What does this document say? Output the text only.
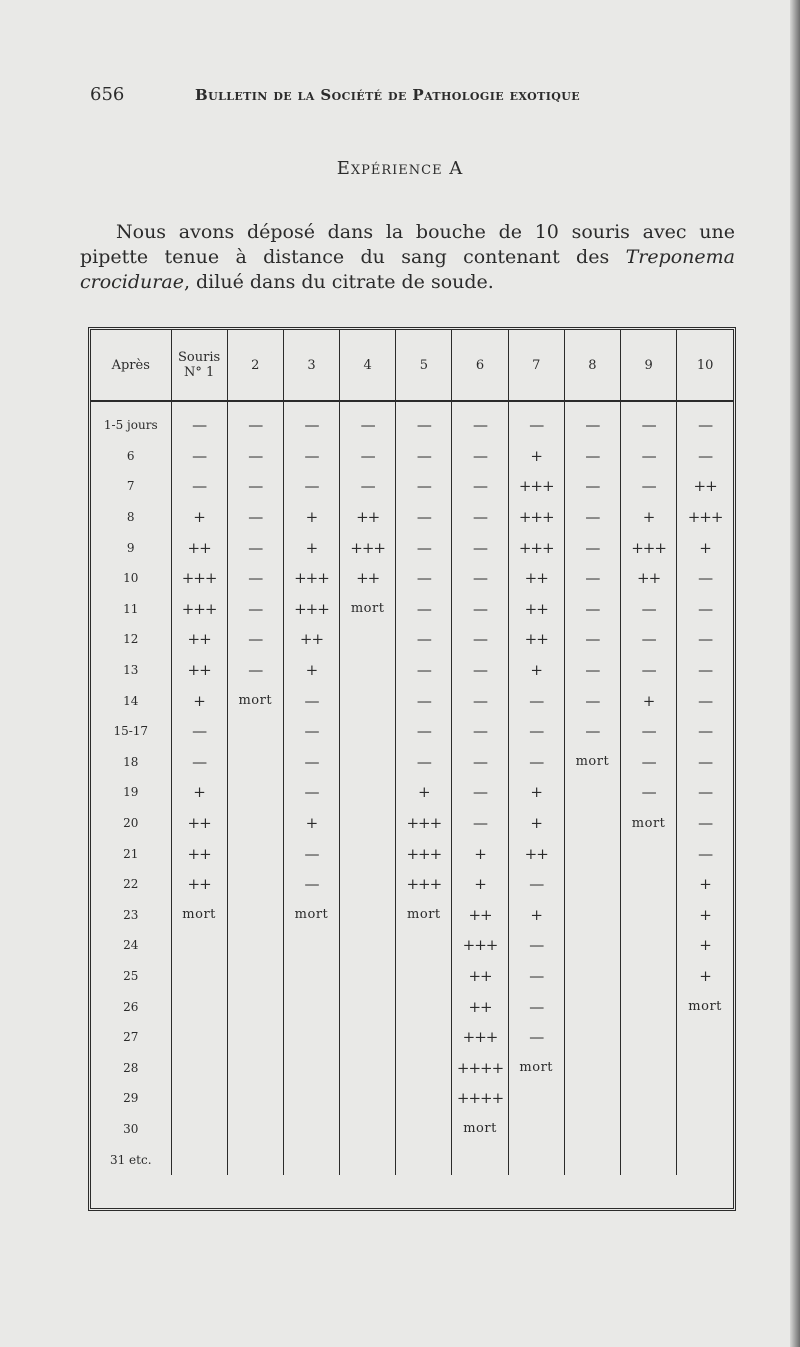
656	Bulletin de la Société de Pathologie exotique
Expérience A

Nous avons déposé dans la bouche de 10 souris avec une pipette tenue à distance du sang contenant des Treponema crocidurae, dilué dans du citrate de soude.

Après	Souris N° 1	2	3	4	5	6	7	8	9	10
1-5 jours	—	—	—	—	—	—	—	—	—	—
6	—	—	—	—	—	—	+	—	—	—
7	—	—	—	—	—	—	+++	—	—	++
8	+	—	+	++	—	—	+++	—	+	+++
9	++	—	+	+++	—	—	+++	—	+++	+
10	+++	—	+++	++	—	—	++	—	++	—
11	+++	—	+++	mort	—	—	++	—	—	—
12	++	—	++		—	—	++	—	—	—
13	++	—	+		—	—	+	—	—	—
14	+	mort	—		—	—	—	—	+	—
15-17	—		—		—	—	—	—	—	—
18	—		—		—	—	—	mort	—	—
19	+		—		+	—	+		—	—
20	++		+		+++	—	+		mort	—
21	++		—		+++	+	++			—
22	++		—		+++	+	—			+
23	mort		mort		mort	++	+			+
24						+++	—			+
25						++	—			+
26						++	—			mort
27						+++	—			
28						++++	mort			
29						++++				
30						mort				
31 etc.										
